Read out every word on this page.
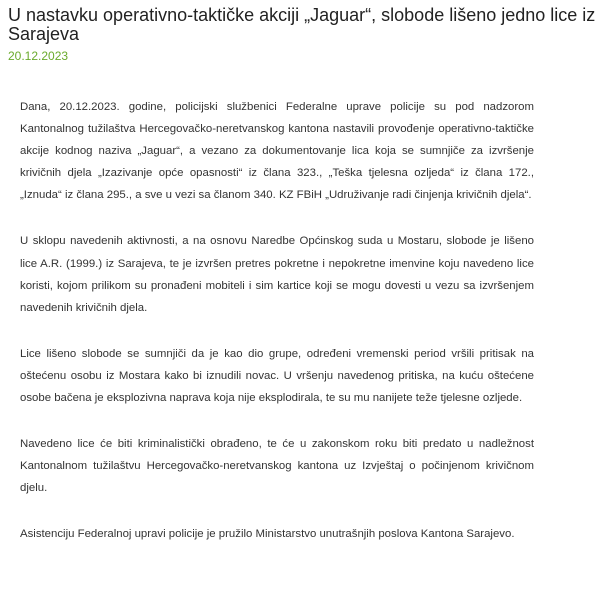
U nastavku operativno-taktičke akciji „Jaguar“, slobode lišeno jedno lice iz Sarajeva
20.12.2023

Dana, 20.12.2023. godine, policijski službenici Federalne uprave policije su pod nadzorom Kantonalnog tužilaštva Hercegovačko-neretvanskog kantona nastavili provođenje operativno-taktičke akcije kodnog naziva „Jaguar“, a vezano za dokumentovanje lica koja se sumnjiče za izvršenje krivičnih djela „Izazivanje opće opasnosti“ iz člana 323., „Teška tjelesna ozljeda“ iz člana 172., „Iznuda“ iz člana 295., a sve u vezi sa članom 340. KZ FBiH „Udruživanje radi činjenja krivičnih djela“.

U sklopu navedenih aktivnosti, a na osnovu Naredbe Općinskog suda u Mostaru, slobode je lišeno lice A.R. (1999.) iz Sarajeva, te je izvršen pretres pokretne i nepokretne imenvine koju navedeno lice koristi, kojom prilikom su pronađeni mobiteli i sim kartice koji se mogu dovesti u vezu sa izvršenjem navedenih krivičnih djela.

Lice lišeno slobode se sumnjiči da je kao dio grupe, određeni vremenski period vršili pritisak na oštećenu osobu iz Mostara kako bi iznudili novac. U vršenju navedenog pritiska, na kuću oštećene osobe bačena je eksplozivna naprava koja nije eksplodirala, te su mu nanijete teže tjelesne ozljede.

Navedeno lice će biti kriminalistički obrađeno, te će u zakonskom roku biti predato u nadležnost Kantonalnom tužilaštvu Hercegovačko-neretvanskog kantona uz Izvještaj o počinjenom krivičnom djelu.

Asistenciju Federalnoj upravi policije je pružilo Ministarstvo unutrašnjih poslova Kantona Sarajevo.
